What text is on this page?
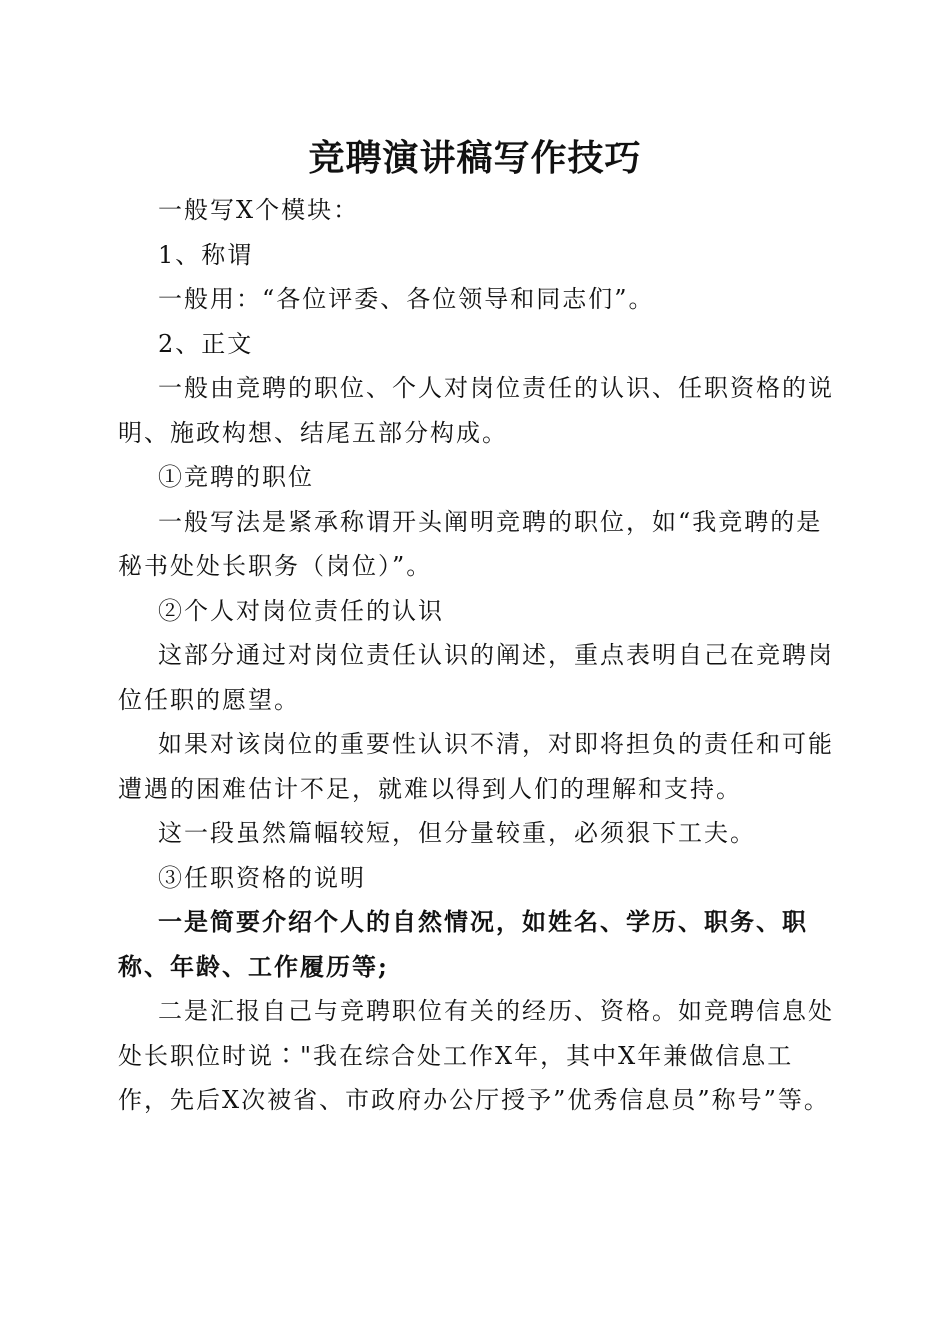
竞聘演讲稿写作技巧

一般写X个模块：

1、称谓

一般用：“各位评委、各位领导和同志们”。

2、正文

一般由竞聘的职位、个人对岗位责任的认识、任职资格的说明、施政构想、结尾五部分构成。

①竞聘的职位

一般写法是紧承称谓开头阐明竞聘的职位，如“我竞聘的是秘书处处长职务（岗位）”。

②个人对岗位责任的认识

这部分通过对岗位责任认识的阐述，重点表明自己在竞聘岗位任职的愿望。

如果对该岗位的重要性认识不清，对即将担负的责任和可能遭遇的困难估计不足，就难以得到人们的理解和支持。

这一段虽然篇幅较短，但分量较重，必须狠下工夫。

③任职资格的说明

一是简要介绍个人的自然情况，如姓名、学历、职务、职称、年龄、工作履历等;

二是汇报自己与竞聘职位有关的经历、资格。如竞聘信息处处长职位时说∶"我在综合处工作X年，其中X年兼做信息工作，先后X次被省、市政府办公厅授予”优秀信息员”称号”等。
